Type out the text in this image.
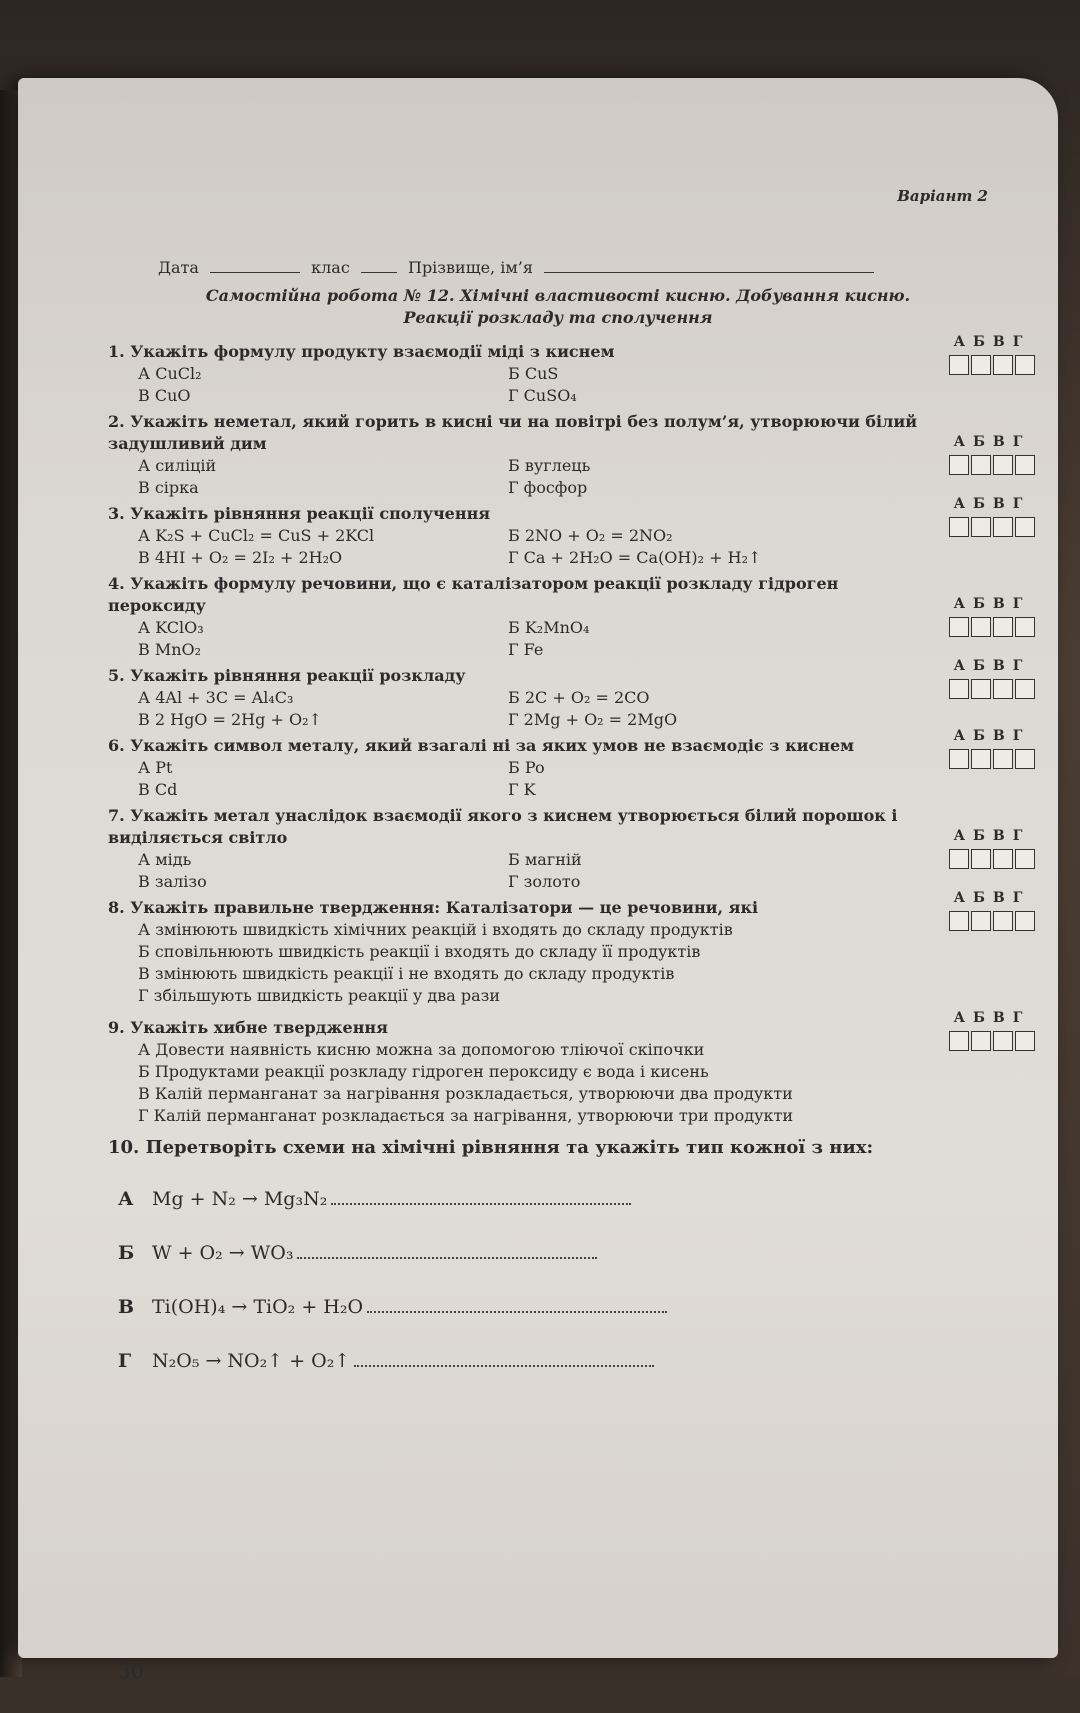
Варіант 2
Дата	клас	Прізвище, ім’я
Самостійна робота № 12. Хімічні властивості кисню. Добування кисню.
Реакції розкладу та сполучення
1. Укажіть формулу продукту взаємодії міді з киснем
А CuCl₂	Б CuS
В CuO	Г CuSO₄
АБВГ
2. Укажіть неметал, який горить в кисні чи на повітрі без полум’я, утворюючи білий задушливий дим
А силіцій	Б вуглець
В сірка	Г фосфор
АБВГ
3. Укажіть рівняння реакції сполучення
А K₂S + CuCl₂ = CuS + 2KCl	Б 2NO + O₂ = 2NO₂
В 4HI + O₂ = 2I₂ + 2H₂O	Г Ca + 2H₂O = Ca(OH)₂ + H₂↑
АБВГ
4. Укажіть формулу речовини, що є каталізатором реакції розкладу гідроген пероксиду
А KClO₃	Б K₂MnO₄
В MnO₂	Г Fe
АБВГ
5. Укажіть рівняння реакції розкладу
А 4Al + 3C = Al₄C₃	Б 2C + O₂ = 2CO
В 2 HgO = 2Hg + O₂↑	Г 2Mg + O₂ = 2MgO
АБВГ
6. Укажіть символ металу, який взагалі ні за яких умов не взаємодіє з киснем
А Pt	Б Po
В Cd	Г K
АБВГ
7. Укажіть метал унаслідок взаємодії якого з киснем утворюється білий порошок і виділяється світло
А мідь	Б магній
В залізо	Г золото
АБВГ
8. Укажіть правильне твердження: Каталізатори — це речовини, які
А змінюють швидкість хімічних реакцій і входять до складу продуктів
Б сповільнюють швидкість реакції і входять до складу її продуктів
В змінюють швидкість реакції і не входять до складу продуктів
Г збільшують швидкість реакції у два рази
АБВГ
9. Укажіть хибне твердження
А Довести наявність кисню можна за допомогою тліючої скіпочки
Б Продуктами реакції розкладу гідроген пероксиду є вода і кисень
В Калій перманганат за нагрівання розкладається, утворюючи два продукти
Г Калій перманганат розкладається за нагрівання, утворюючи три продукти
АБВГ
10. Перетворіть схеми на хімічні рівняння та укажіть тип кожної з них:
А Mg + N₂ → Mg₃N₂
Б W + O₂ → WO₃
В Ti(OH)₄ → TiO₂ + H₂O
Г	N₂O₅ → NO₂↑ + O₂↑
30
